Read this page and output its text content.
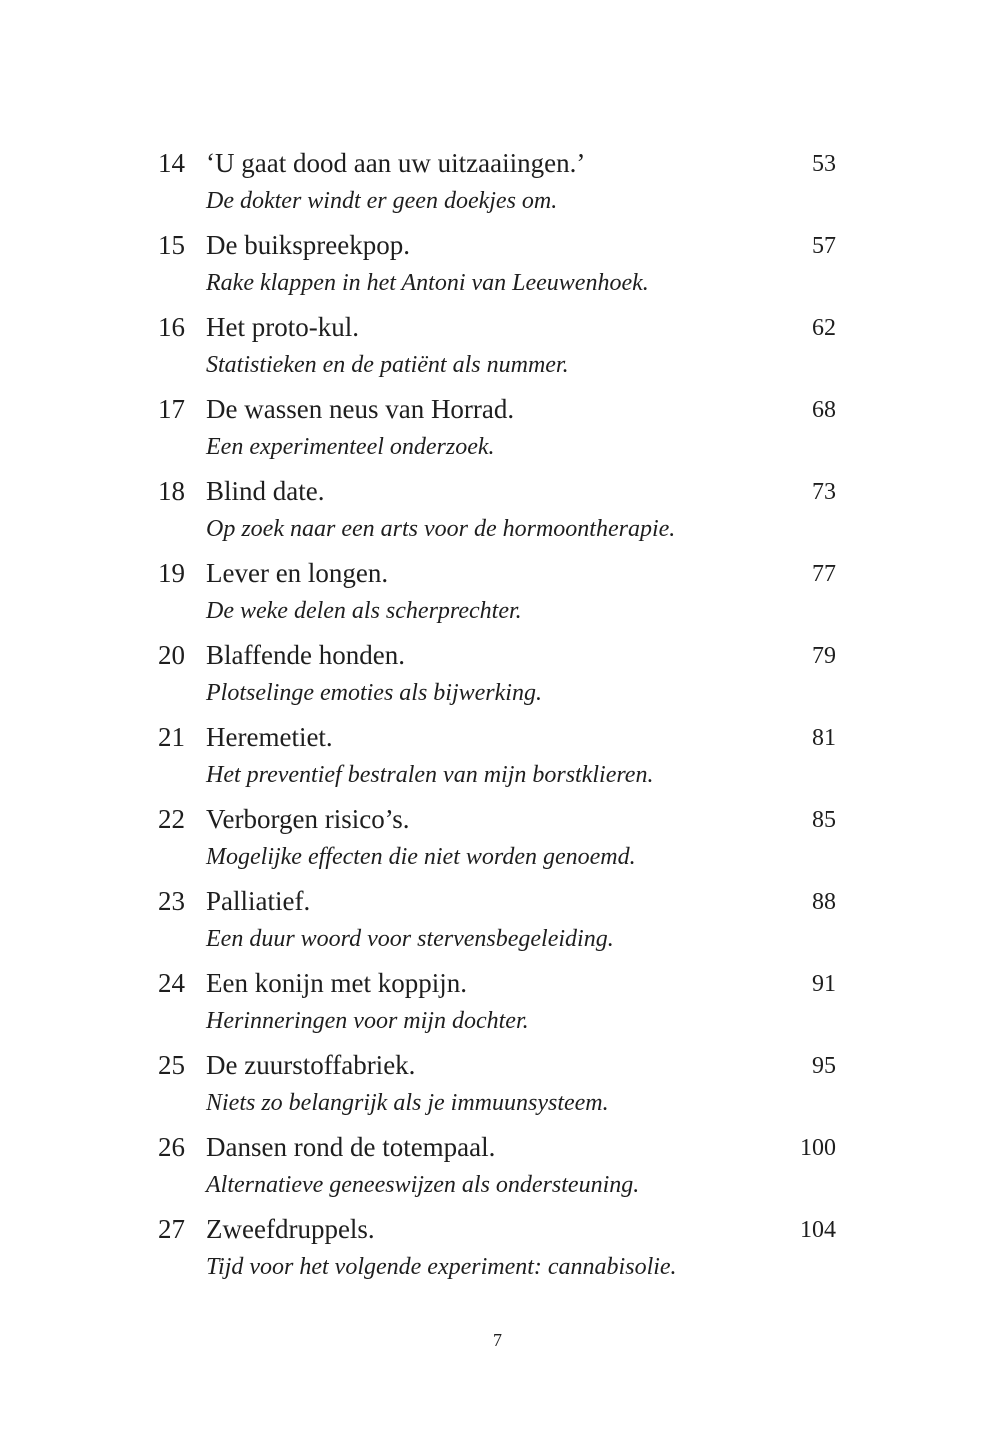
14 ‘U gaat dood aan uw uitzaaiingen.’	53
De dokter windt er geen doekjes om.
15 De buikspreekpop.	57
Rake klappen in het Antoni van Leeuwenhoek.
16 Het proto-kul.	62
Statistieken en de patiënt als nummer.
17 De wassen neus van Horrad.	68
Een experimenteel onderzoek.
18 Blind date.	73
Op zoek naar een arts voor de hormoontherapie.
19 Lever en longen.	77
De weke delen als scherprechter.
20 Blaffende honden.	79
Plotselinge emoties als bijwerking.
21 Heremetiet.	81
Het preventief bestralen van mijn borstklieren.
22 Verborgen risico’s.	85
Mogelijke effecten die niet worden genoemd.
23 Palliatief.	88
Een duur woord voor stervensbegeleiding.
24 Een konijn met koppijn.	91
Herinneringen voor mijn dochter.
25 De zuurstoffabriek.	95
Niets zo belangrijk als je immuunsysteem.
26 Dansen rond de totempaal.	100
Alternatieve geneeswijzen als ondersteuning.
27 Zweefdruppels.	104
Tijd voor het volgende experiment: cannabisolie.
7
